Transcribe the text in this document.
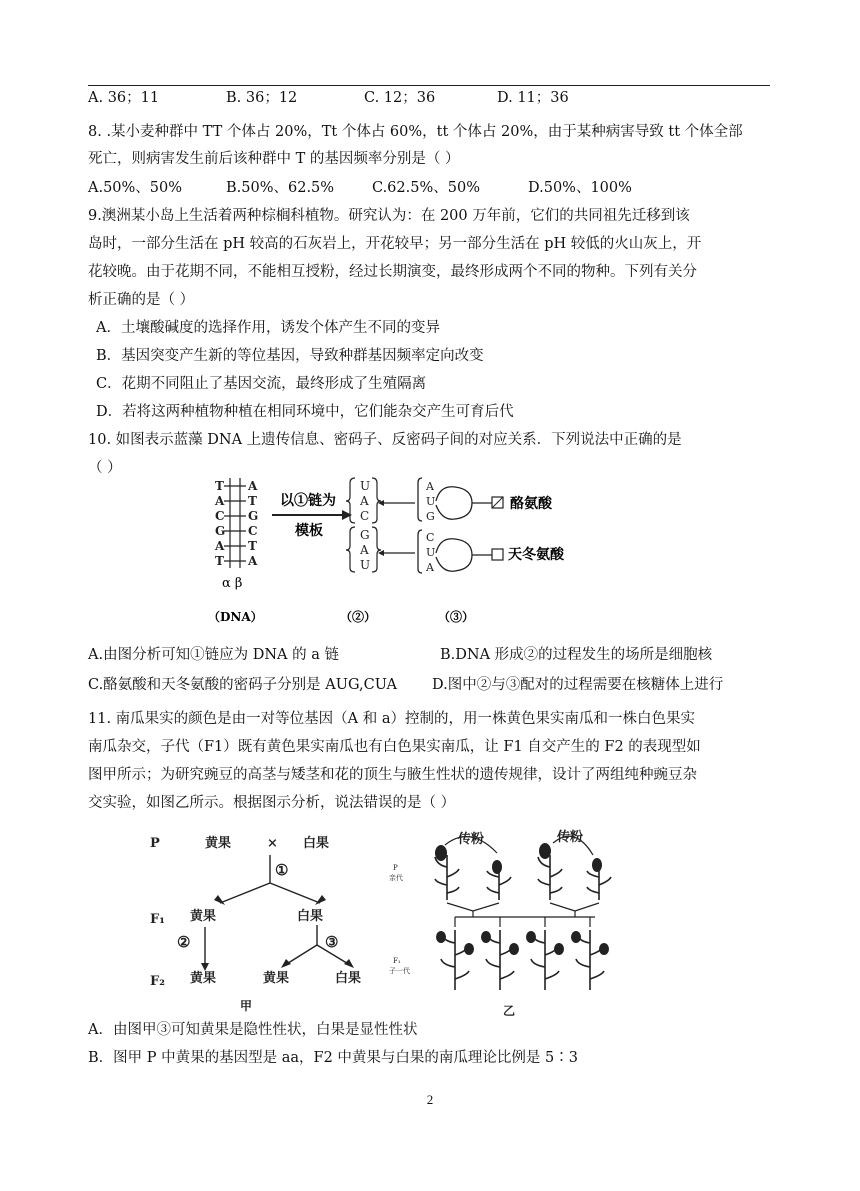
A. 36；11	B. 36；12	C. 12；36	D. 11；36
8. .某小麦种群中 TT 个体占 20%，Tt 个体占 60%，tt 个体占 20%，由于某种病害导致 tt 个体全部
死亡，则病害发生前后该种群中 T 的基因频率分别是（ ）
A.50%、50%	B.50%、62.5%	C.62.5%、50%	D.50%、100%
9.澳洲某小岛上生活着两种棕榈科植物。研究认为：在 200 万年前，它们的共同祖先迁移到该
岛时，一部分生活在 pH 较高的石灰岩上，开花较早；另一部分生活在 pH 较低的火山灰上，开
花较晚。由于花期不同，不能相互授粉，经过长期演变，最终形成两个不同的物种。下列有关分
析正确的是（ ）
A．土壤酸碱度的选择作用，诱发个体产生不同的变异
B．基因突变产生新的等位基因，导致种群基因频率定向改变
C．花期不同阻止了基因交流，最终形成了生殖隔离
D．若将这两种植物种植在相同环境中，它们能杂交产生可育后代
10. 如图表示蓝藻 DNA 上遗传信息、密码子、反密码子间的对应关系．下列说法中正确的是
（ ）
T
A
C
G
A
T
A
T
G
C
T
A
α β
以①链为
模板
U
A
C
G
A
U
A
U
G
C
U
A
酪氨酸
天冬氨酸
（DNA）	（②）	（③）
A.由图分析可知①链应为 DNA 的 a 链	B.DNA 形成②的过程发生的场所是细胞核
C.酪氨酸和天冬氨酸的密码子分别是 AUG,CUA D.图中②与③配对的过程需要在核糖体上进行
11. 南瓜果实的颜色是由一对等位基因（A 和 a）控制的，用一株黄色果实南瓜和一株白色果实
南瓜杂交，子代（F1）既有黄色果实南瓜也有白色果实南瓜，让 F1 自交产生的 F2 的表现型如
图甲所示；为研究豌豆的高茎与矮茎和花的顶生与腋生性状的遗传规律，设计了两组纯种豌豆杂
交实验，如图乙所示。根据图示分析，说法错误的是（ ）
P	黄果	× 白果
①
F₁ 黄果	白果
②	③
F₂ 黄果	黄果	白果
甲
传粉	传粉
乙
P
亲代
F₁
子一代
A．由图甲③可知黄果是隐性性状，白果是显性性状
B．图甲 P 中黄果的基因型是 aa，F2 中黄果与白果的南瓜理论比例是 5∶3
2
